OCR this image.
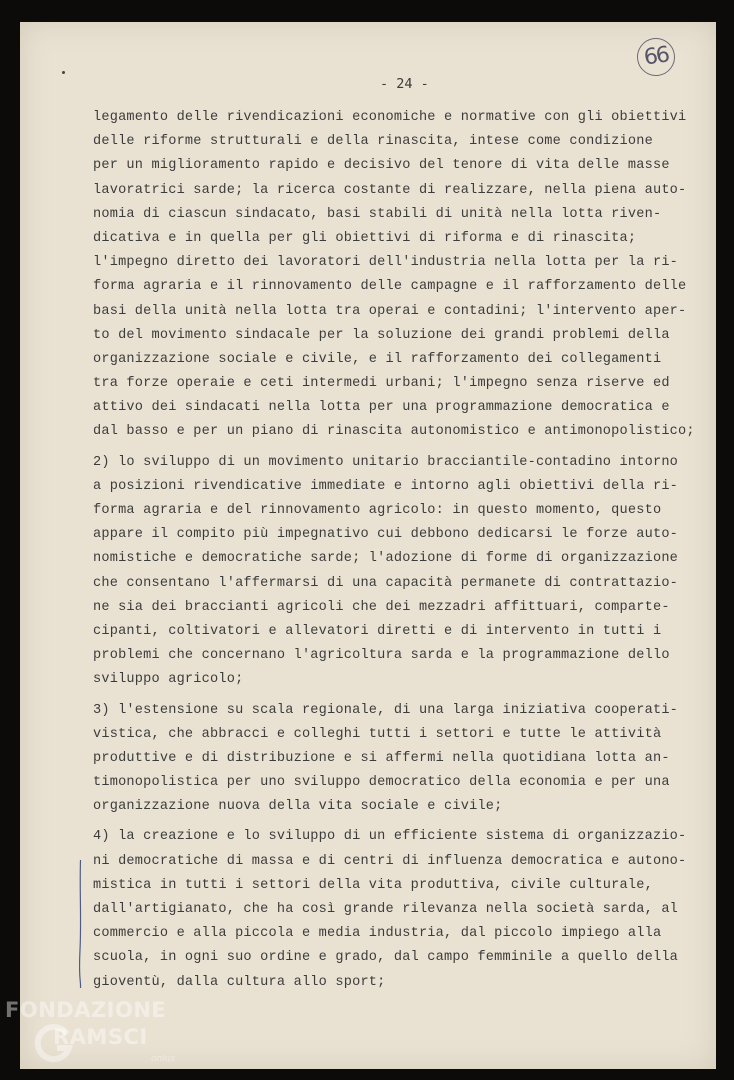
66
- 24 -
legamento delle rivendicazioni economiche e normative con gli obiettivi
delle riforme strutturali e della rinascita, intese come condizione
per un miglioramento rapido e decisivo del tenore di vita delle masse
lavoratrici sarde; la ricerca costante di realizzare, nella piena auto-
nomia di ciascun sindacato, basi stabili di unità nella lotta riven-
dicativa e in quella per gli obiettivi di riforma e di rinascita;
l'impegno diretto dei lavoratori dell'industria nella lotta per la ri-
forma agraria e il rinnovamento delle campagne e il rafforzamento delle
basi della unità nella lotta tra operai e contadini; l'intervento aper-
to del movimento sindacale per la soluzione dei grandi problemi della
organizzazione sociale e civile, e il rafforzamento dei collegamenti
tra forze operaie e ceti intermedi urbani; l'impegno senza riserve ed
attivo dei sindacati nella lotta per una programmazione democratica e
dal basso e per un piano di rinascita autonomistico e antimonopolistico;
2) lo sviluppo di un movimento unitario bracciantile-contadino intorno
a posizioni rivendicative immediate e intorno agli obiettivi della ri-
forma agraria e del rinnovamento agricolo: in questo momento, questo
appare il compito più impegnativo cui debbono dedicarsi le forze auto-
nomistiche e democratiche sarde; l'adozione di forme di organizzazione
che consentano l'affermarsi di una capacità permanete di contrattazio-
ne sia dei braccianti agricoli che dei mezzadri affittuari, comparte-
cipanti, coltivatori e allevatori diretti e di intervento in tutti i
problemi che concernano l'agricoltura sarda e la programmazione dello
sviluppo agricolo;
3) l'estensione su scala regionale, di una larga iniziativa cooperati-
vistica, che abbracci e colleghi tutti i settori e tutte le attività
produttive e di distribuzione e si affermi nella quotidiana lotta an-
timonopolistica per uno sviluppo democratico della economia e per una
organizzazione nuova della vita sociale e civile;
4) la creazione e lo sviluppo di un efficiente sistema di organizzazio-
ni democratiche di massa e di centri di influenza democratica e autono-
mistica in tutti i settori della vita produttiva, civile culturale,
dall'artigianato, che ha così grande rilevanza nella società sarda, al
commercio e alla piccola e media industria, dal piccolo impiego alla
scuola, in ogni suo ordine e grado, dal campo femminile a quello della
gioventù, dalla cultura allo sport;
FONDAZIONE
RAMSCI
onlus
